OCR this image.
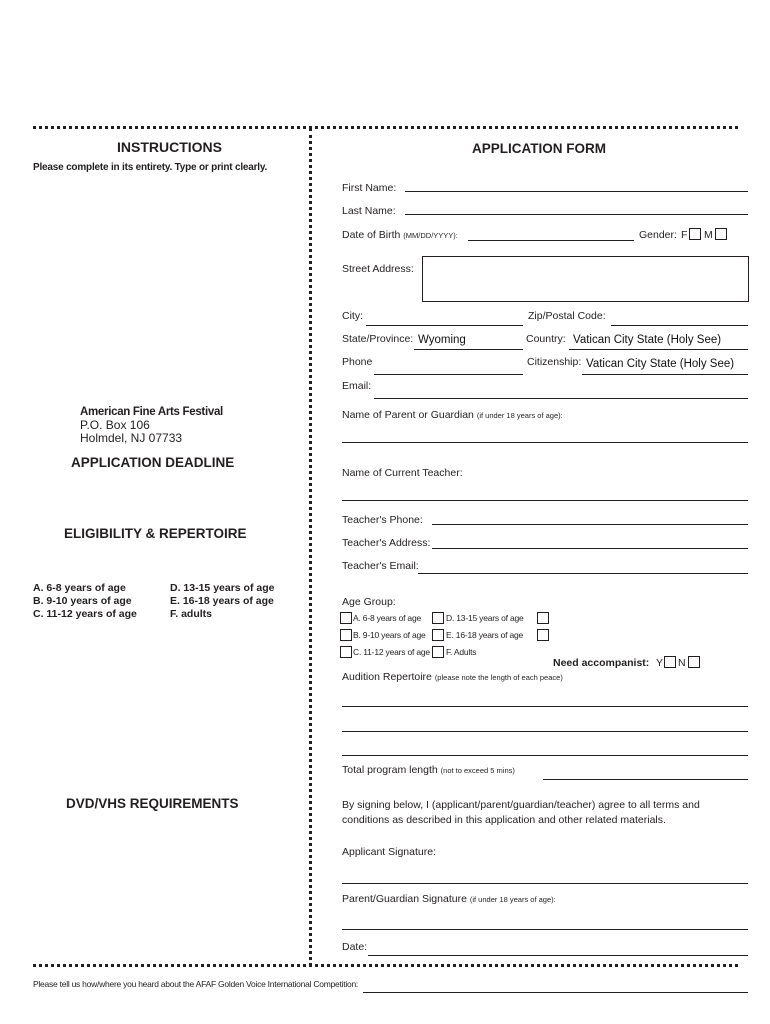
INSTRUCTIONS
Please complete in its entirety. Type or print clearly.
American Fine Arts Festival
P.O. Box 106
Holmdel, NJ 07733
APPLICATION DEADLINE
ELIGIBILITY & REPERTOIRE
A. 6-8 years of age
B. 9-10 years of age
C. 11-12 years of age
D. 13-15 years of age
E. 16-18 years of age
F. adults
DVD/VHS REQUIREMENTS
APPLICATION FORM
First Name:
Last Name:
Date of Birth (MM/DD/YYYY):	Gender: F M
Street Address:
City:	Zip/Postal Code:
State/Province: Wyoming	Country: Vatican City State (Holy See)
Phone	Citizenship: Vatican City State (Holy See)
Email:
Name of Parent or Guardian (if under 18 years of age):
Name of Current Teacher:
Teacher's Phone:
Teacher's Address:
Teacher's Email:
Age Group:
A. 6-8 years of age	D. 13-15 years of age
B. 9-10 years of age E. 16-18 years of age
C. 11-12 years of age F. Adults
Need accompanist: Y N
Audition Repertoire (please note the length of each peace)
Total program length (not to exceed 5 mins)
By signing below, I (applicant/parent/guardian/teacher) agree to all terms and
conditions as described in this application and other related materials.
Applicant Signature:
Parent/Guardian Signature (if under 18 years of age):
Date:
Please tell us how/where you heard about the AFAF Golden Voice International Competition:
